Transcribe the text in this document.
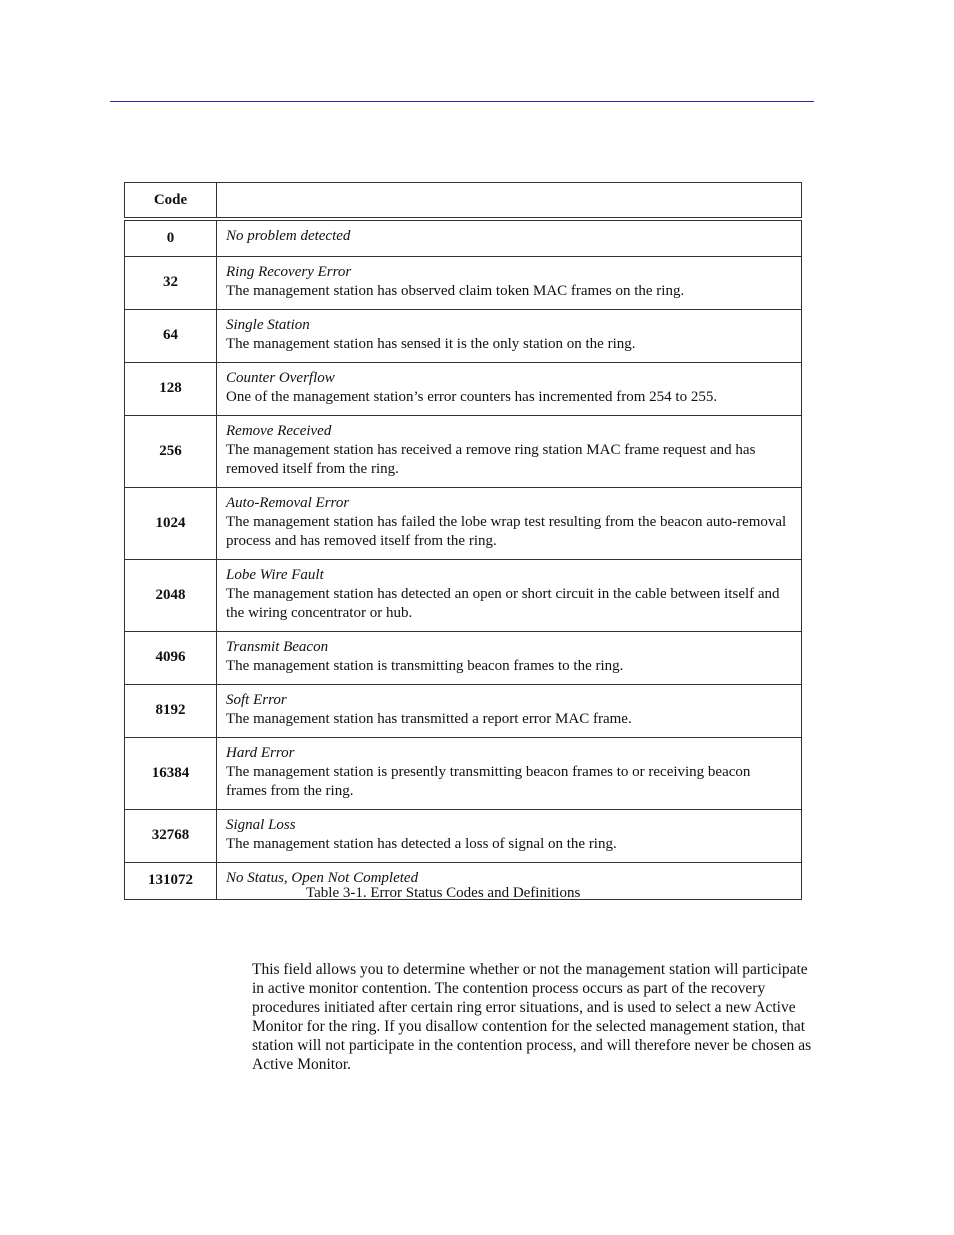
Code	
0	No problem detected

32	Ring Recovery Error
The management station has observed claim token MAC frames on the ring.

64	Single Station
The management station has sensed it is the only station on the ring.

128	Counter Overflow
One of the management station’s error counters has incremented from 254 to 255.

256	Remove Received
The management station has received a remove ring station MAC frame request and has removed itself from the ring.

1024	Auto-Removal Error
The management station has failed the lobe wrap test resulting from the beacon auto-removal process and has removed itself from the ring.

2048	Lobe Wire Fault
The management station has detected an open or short circuit in the cable between itself and the wiring concentrator or hub.

4096	Transmit Beacon
The management station is transmitting beacon frames to the ring.

8192	Soft Error
The management station has transmitted a report error MAC frame.

16384	Hard Error
The management station is presently transmitting beacon frames to or receiving beacon frames from the ring.

32768	Signal Loss
The management station has detected a loss of signal on the ring.

131072	No Status, Open Not Completed
Table 3-1. Error Status Codes and Definitions

This field allows you to determine whether or not the management station will participate in active monitor contention. The contention process occurs as part of the recovery procedures initiated after certain ring error situations, and is used to select a new Active Monitor for the ring. If you disallow contention for the selected management station, that station will not participate in the contention process, and will therefore never be chosen as Active Monitor.
